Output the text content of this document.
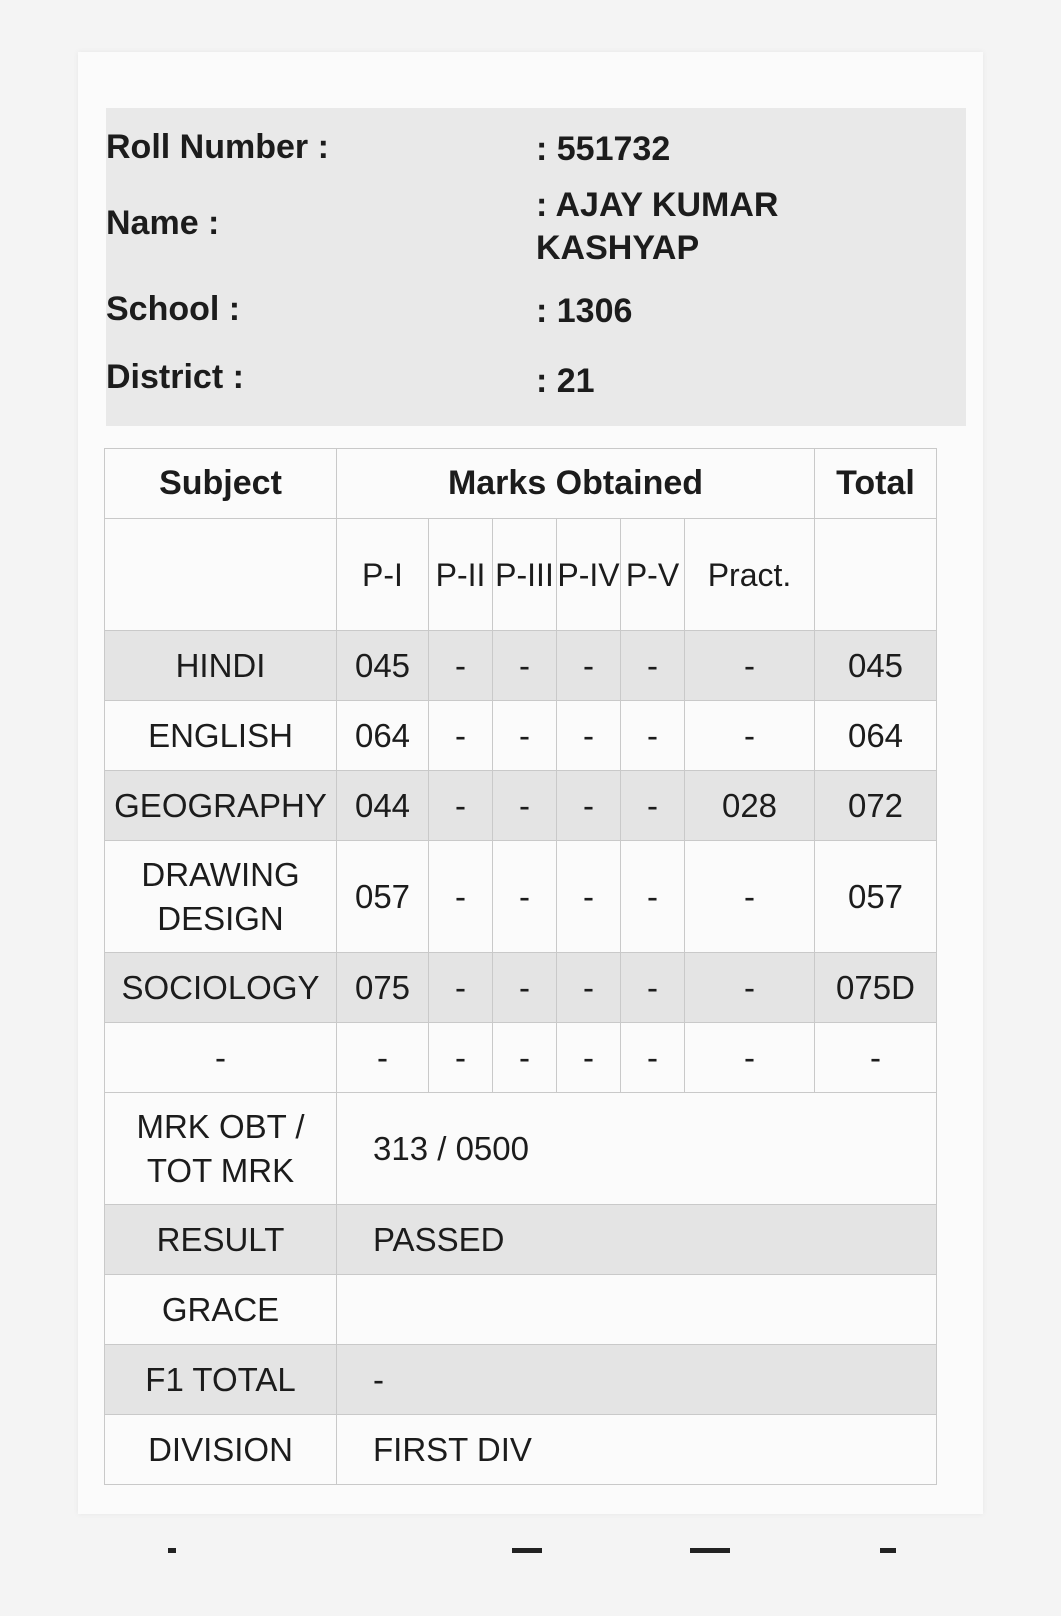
Roll Number :	: 551732
Name :	: AJAY KUMAR KASHYAP
School :	: 1306
District :	: 21
Subject	Marks Obtained						Total
	P-I	P-II	P-III	P-IV	P-V	Pract.	
HINDI	045	-	-	-	-	-	045
ENGLISH	064	-	-	-	-	-	064
GEOGRAPHY	044	-	-	-	-	028	072
DRAWING DESIGN	057	-	-	-	-	-	057
SOCIOLOGY	075	-	-	-	-	-	075D
-	-	-	-	-	-	-	-
MRK OBT / TOT MRK	313 / 0500						
RESULT	PASSED						
GRACE							
F1 TOTAL	-						
DIVISION	FIRST DIV						
